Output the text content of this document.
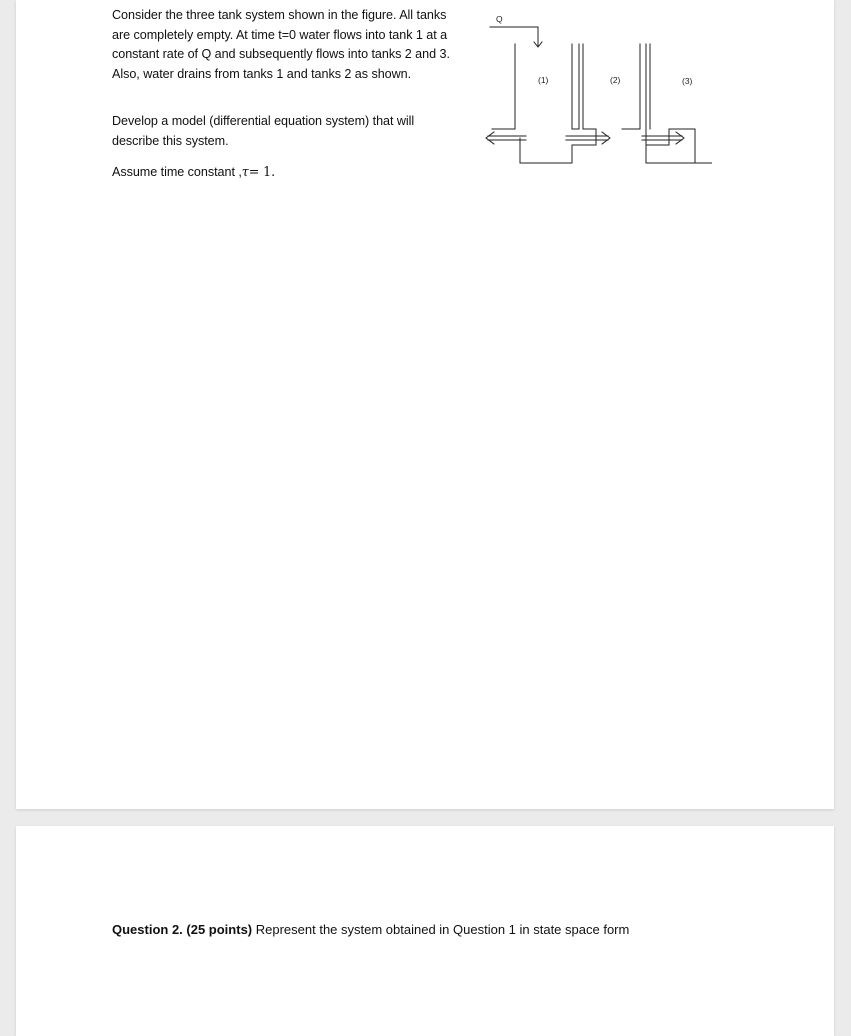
Consider the three tank system shown in the figure. All tanks are completely empty. At time t=0 water flows into tank 1 at a constant rate of Q and subsequently flows into tanks 2 and 3. Also, water drains from tanks 1 and tanks 2 as shown.

Develop a model (differential equation system) that will describe this system.

Assume time constant ,τ= 1.

Q
(1)	(2)	(3)

Question 2. (25 points) Represent the system obtained in Question 1 in state space form
